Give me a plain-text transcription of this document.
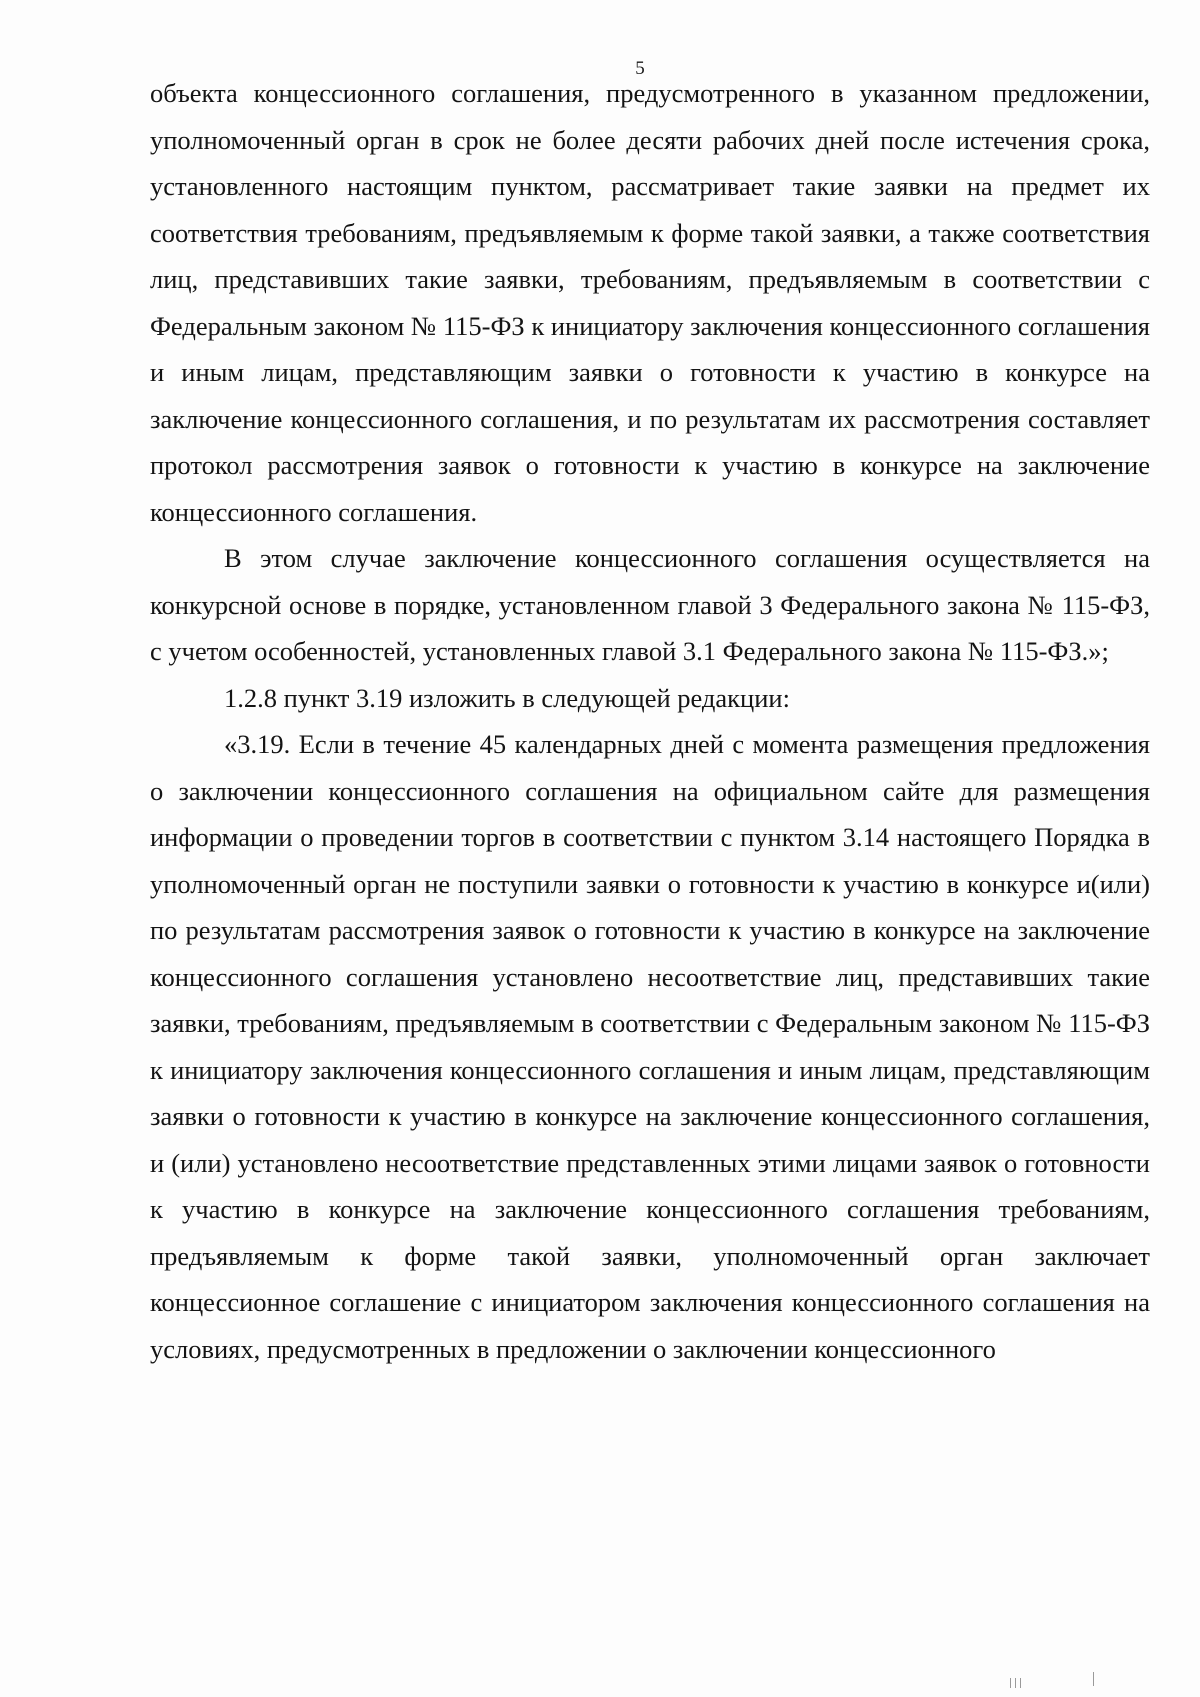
5

объекта концессионного соглашения, предусмотренного в указанном предложении, уполномоченный орган в срок не более десяти рабочих дней после истечения срока, установленного настоящим пунктом, рассматривает такие заявки на предмет их соответствия требованиям, предъявляемым к форме такой заявки, а также соответствия лиц, представивших такие заявки, требованиям, предъявляемым в соответствии с Федеральным законом № 115-ФЗ к инициатору заключения концессионного соглашения и иным лицам, представляющим заявки о готовности к участию в конкурсе на заключение концессионного соглашения, и по результатам их рассмотрения составляет протокол рассмотрения заявок о готовности к участию в конкурсе на заключение концессионного соглашения.

В этом случае заключение концессионного соглашения осуществляется на конкурсной основе в порядке, установленном главой 3 Федерального закона № 115-ФЗ, с учетом особенностей, установленных главой 3.1 Федерального закона № 115-ФЗ.»;

1.2.8 пункт 3.19 изложить в следующей редакции:

«3.19. Если в течение 45 календарных дней с момента размещения предложения о заключении концессионного соглашения на официальном сайте для размещения информации о проведении торгов в соответствии с пунктом 3.14 настоящего Порядка в уполномоченный орган не поступили заявки о готовности к участию в конкурсе и(или) по результатам рассмотрения заявок о готовности к участию в конкурсе на заключение концессионного соглашения установлено несоответствие лиц, представивших такие заявки, требованиям, предъявляемым в соответствии с Федеральным законом № 115-ФЗ к инициатору заключения концессионного соглашения и иным лицам, представляющим заявки о готовности к участию в конкурсе на заключение концессионного соглашения, и (или) установлено несоответствие представленных этими лицами заявок о готовности к участию в конкурсе на заключение концессионного соглашения требованиям, предъявляемым к форме такой заявки, уполномоченный орган заключает концессионное соглашение с инициатором заключения концессионного соглашения на условиях, предусмотренных в предложении о заключении концессионного
